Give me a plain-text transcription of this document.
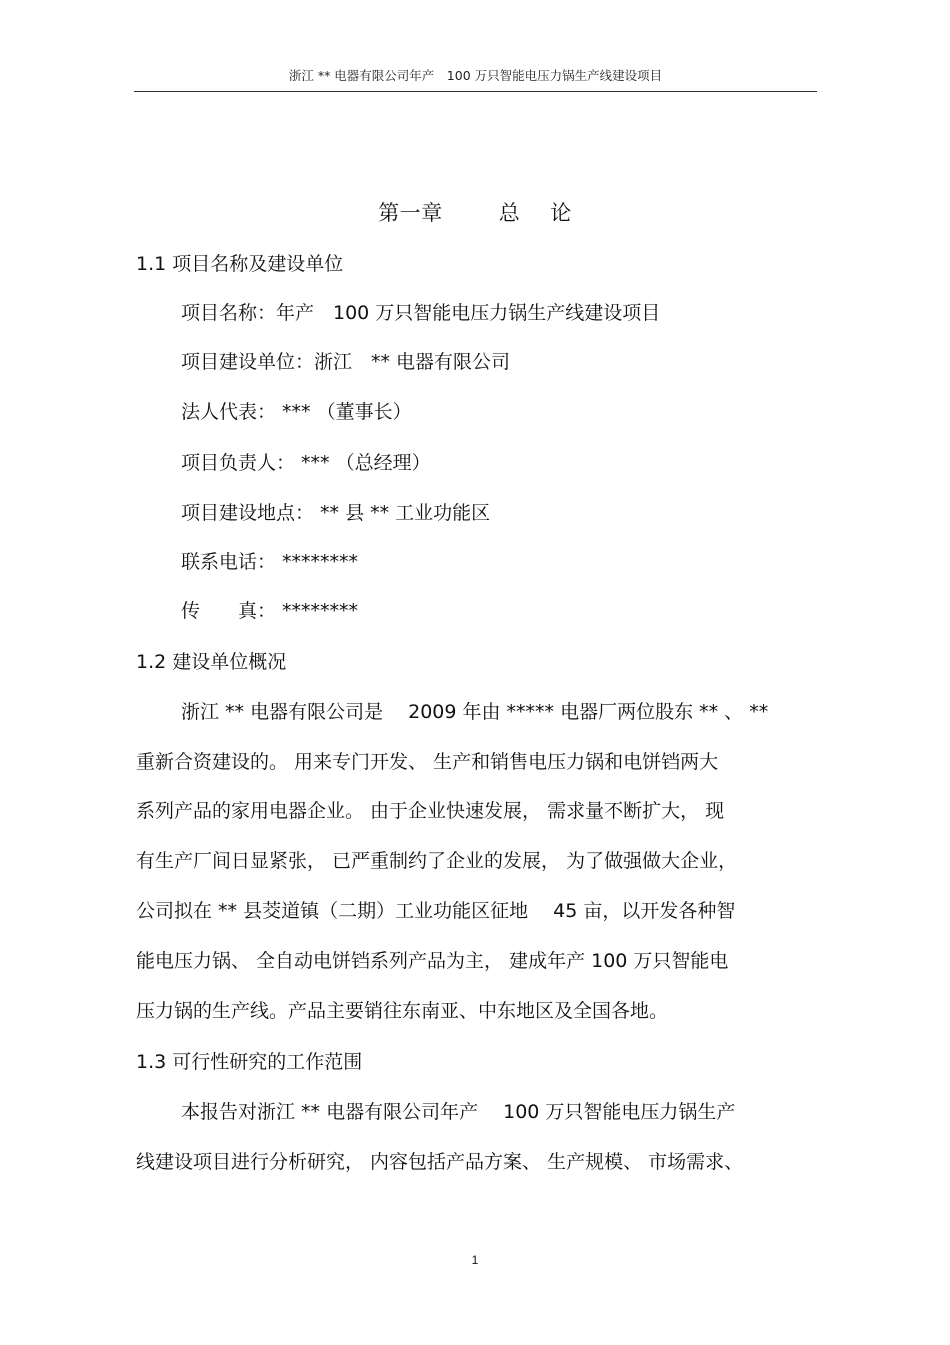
浙江 ** 电器有限公司年产　100 万只智能电压力锅生产线建设项目
第一章	总 论
1.1 项目名称及建设单位
项目名称：年产　100 万只智能电压力锅生产线建设项目
项目建设单位：浙江　** 电器有限公司
法人代表： *** （董事长）
项目负责人： *** （总经理）
项目建设地点： ** 县 ** 工业功能区
联系电话： ********
传　　真： ********
1.2 建设单位概况
浙江 ** 电器有限公司是　 2009 年由 ***** 电器厂两位股东 ** 、 **
重新合资建设的。 用来专门开发、 生产和销售电压力锅和电饼铛两大
系列产品的家用电器企业。 由于企业快速发展， 需求量不断扩大， 现
有生产厂间日显紧张， 已严重制约了企业的发展， 为了做强做大企业，
公司拟在 ** 县茭道镇（二期）工业功能区征地　 45 亩，以开发各种智
能电压力锅、 全自动电饼铛系列产品为主， 建成年产 100 万只智能电
压力锅的生产线。产品主要销往东南亚、中东地区及全国各地。
1.3 可行性研究的工作范围
本报告对浙江 ** 电器有限公司年产　 100 万只智能电压力锅生产
线建设项目进行分析研究， 内容包括产品方案、 生产规模、 市场需求、
1
